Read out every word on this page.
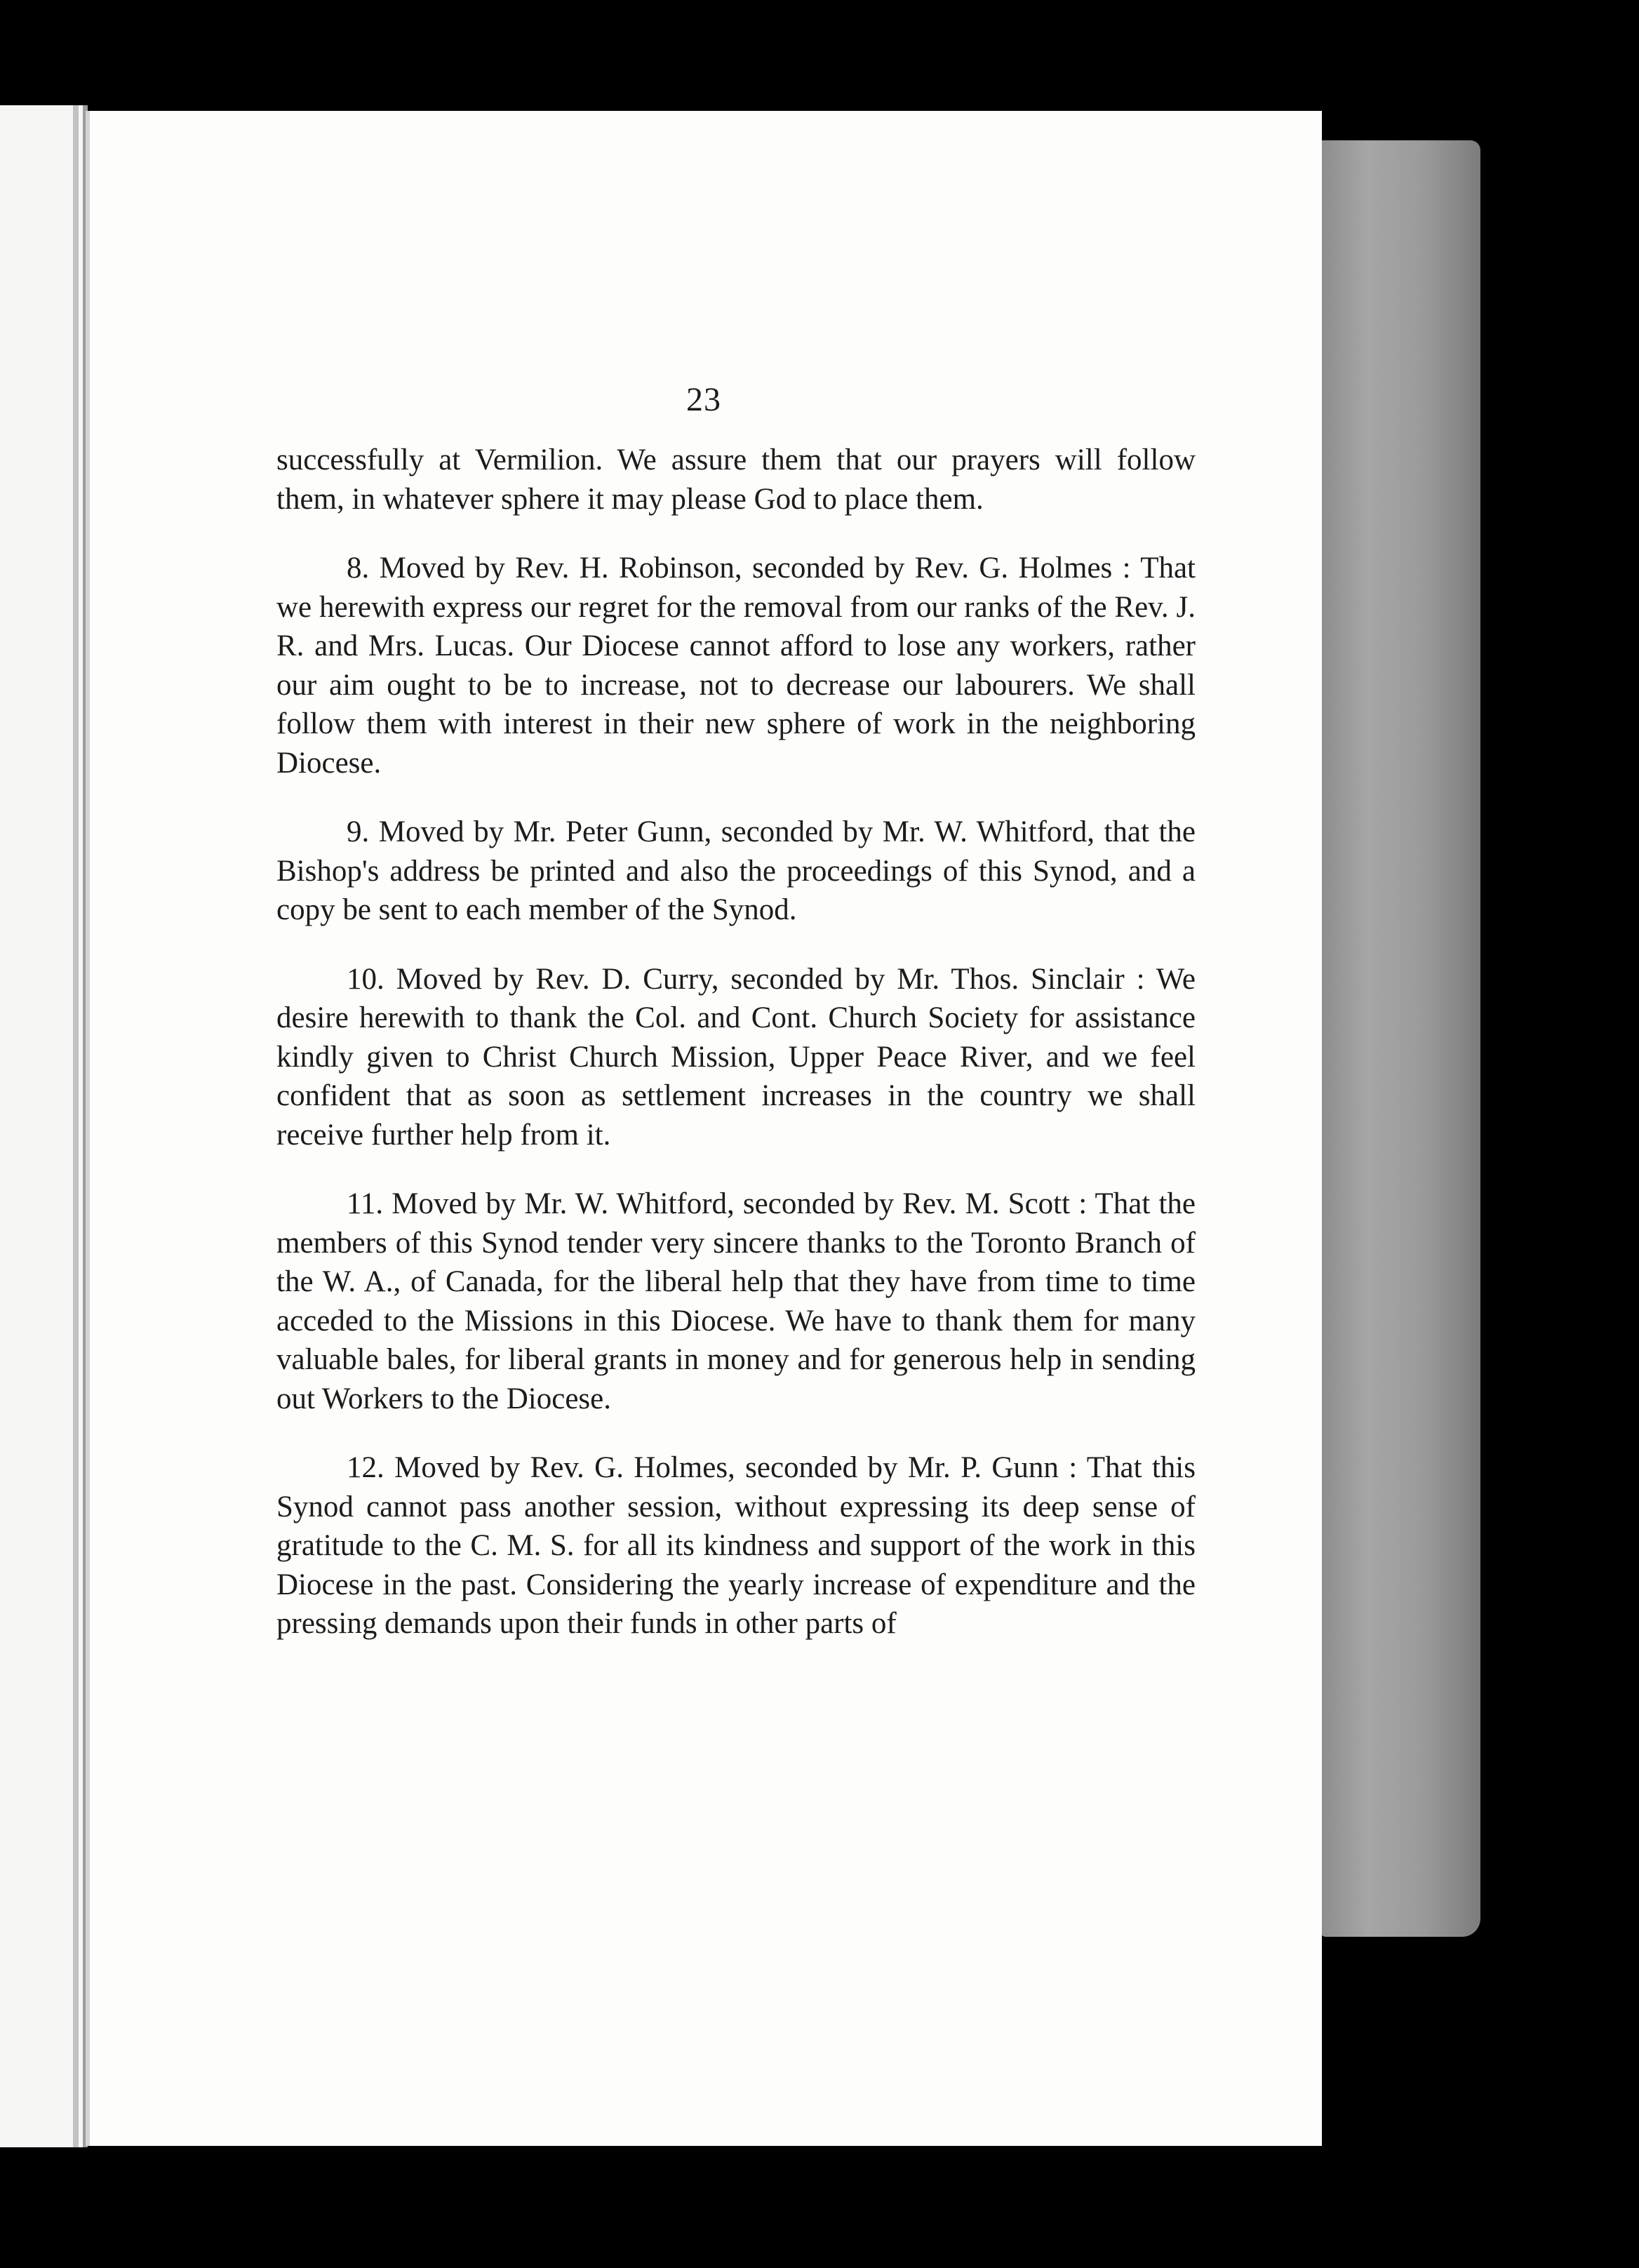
23

successfully at Vermilion. We assure them that our prayers will follow them, in whatever sphere it may please God to place them.

8. Moved by Rev. H. Robinson, seconded by Rev. G. Holmes : That we herewith express our regret for the removal from our ranks of the Rev. J. R. and Mrs. Lucas. Our Diocese cannot afford to lose any workers, rather our aim ought to be to increase, not to decrease our labourers. We shall follow them with interest in their new sphere of work in the neighboring Diocese.

9. Moved by Mr. Peter Gunn, seconded by Mr. W. Whitford, that the Bishop's address be printed and also the proceedings of this Synod, and a copy be sent to each member of the Synod.

10. Moved by Rev. D. Curry, seconded by Mr. Thos. Sinclair : We desire herewith to thank the Col. and Cont. Church Society for assistance kindly given to Christ Church Mission, Upper Peace River, and we feel confident that as soon as settlement increases in the country we shall receive further help from it.

11. Moved by Mr. W. Whitford, seconded by Rev. M. Scott : That the members of this Synod tender very sincere thanks to the Toronto Branch of the W. A., of Canada, for the liberal help that they have from time to time acceded to the Missions in this Diocese. We have to thank them for many valuable bales, for liberal grants in money and for generous help in sending out Workers to the Diocese.

12. Moved by Rev. G. Holmes, seconded by Mr. P. Gunn : That this Synod cannot pass another session, without expressing its deep sense of gratitude to the C. M. S. for all its kindness and support of the work in this Diocese in the past. Considering the yearly increase of expenditure and the pressing demands upon their funds in other parts of
